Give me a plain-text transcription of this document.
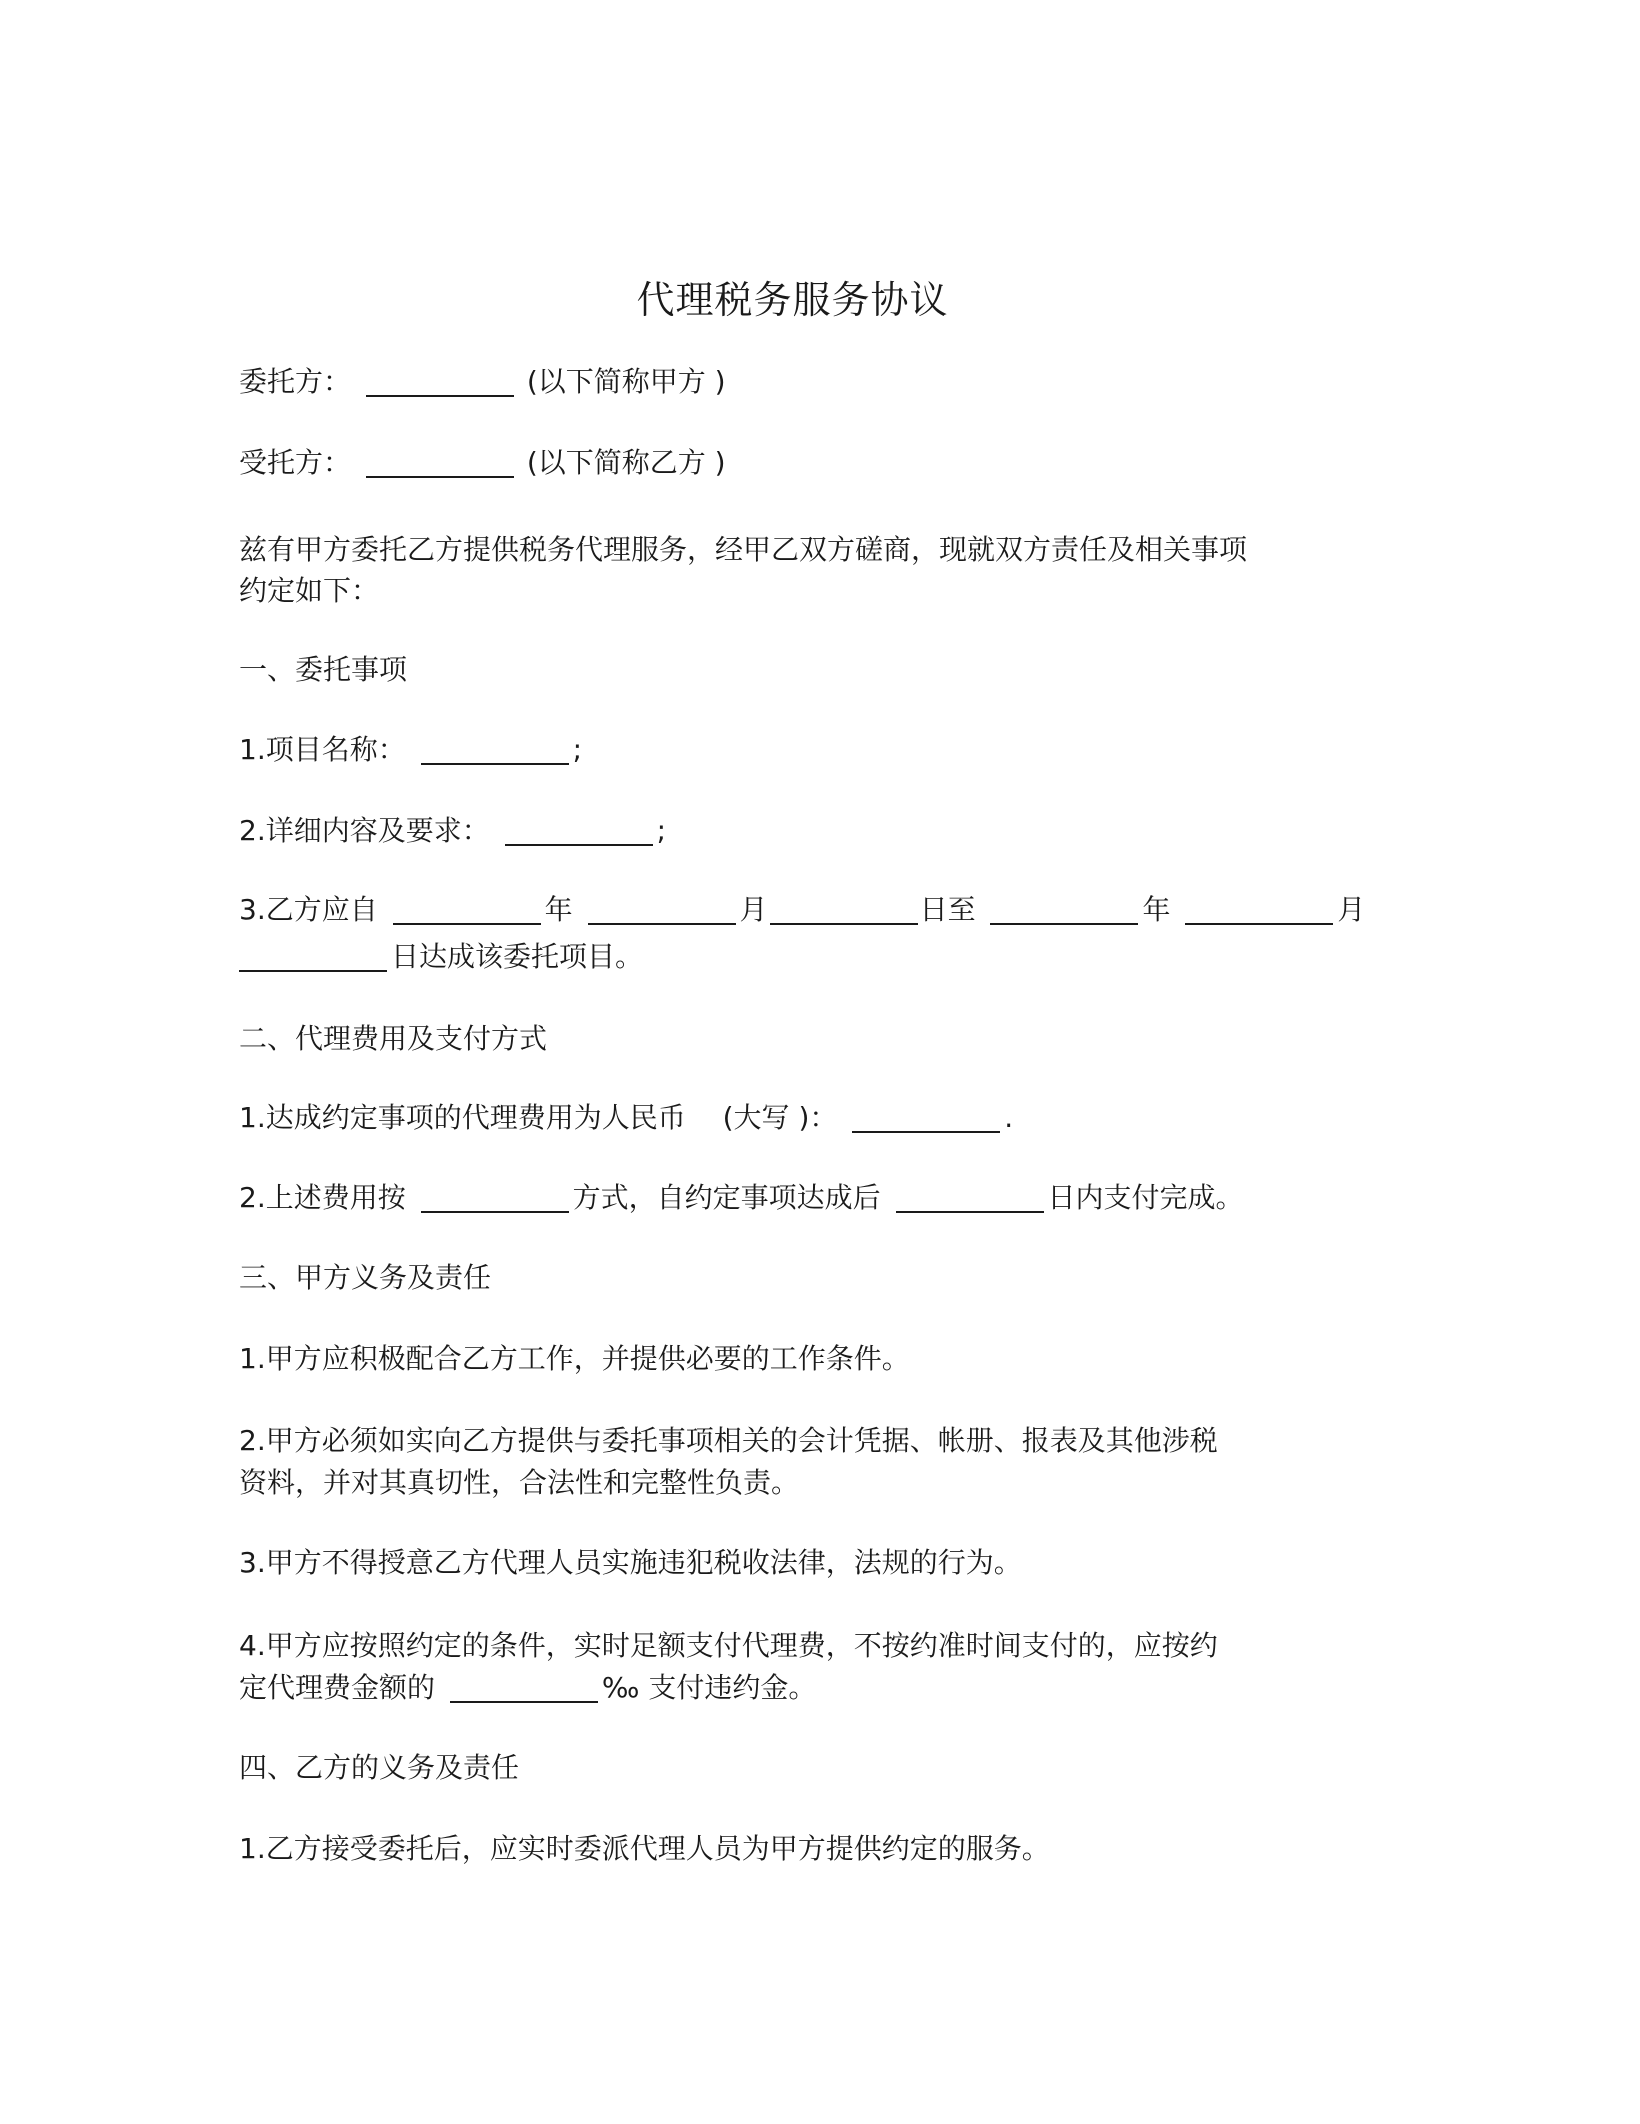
代理税务服务协议
委托方：	(以下简称甲方 )
受托方：	(以下简称乙方 )
兹有甲方委托乙方提供税务代理服务，经甲乙双方磋商，现就双方责任及相关事项
约定如下：
一、委托事项
1.项目名称：	;
2.详细内容及要求：	;
3.乙方应自	年	月	日至	年	月
日达成该委托项目。
二、代理费用及支付方式
1.达成约定事项的代理费用为人民币 (大写 )：	.
2.上述费用按	方式，自约定事项达成后	日内支付完成。
三、甲方义务及责任
1.甲方应积极配合乙方工作，并提供必要的工作条件。
2.甲方必须如实向乙方提供与委托事项相关的会计凭据、帐册、报表及其他涉税
资料，并对其真切性，合法性和完整性负责。
3.甲方不得授意乙方代理人员实施违犯税收法律，法规的行为。
4.甲方应按照约定的条件，实时足额支付代理费，不按约准时间支付的，应按约
定代理费金额的	‰ 支付违约金。
四、乙方的义务及责任
1.乙方接受委托后，应实时委派代理人员为甲方提供约定的服务。
